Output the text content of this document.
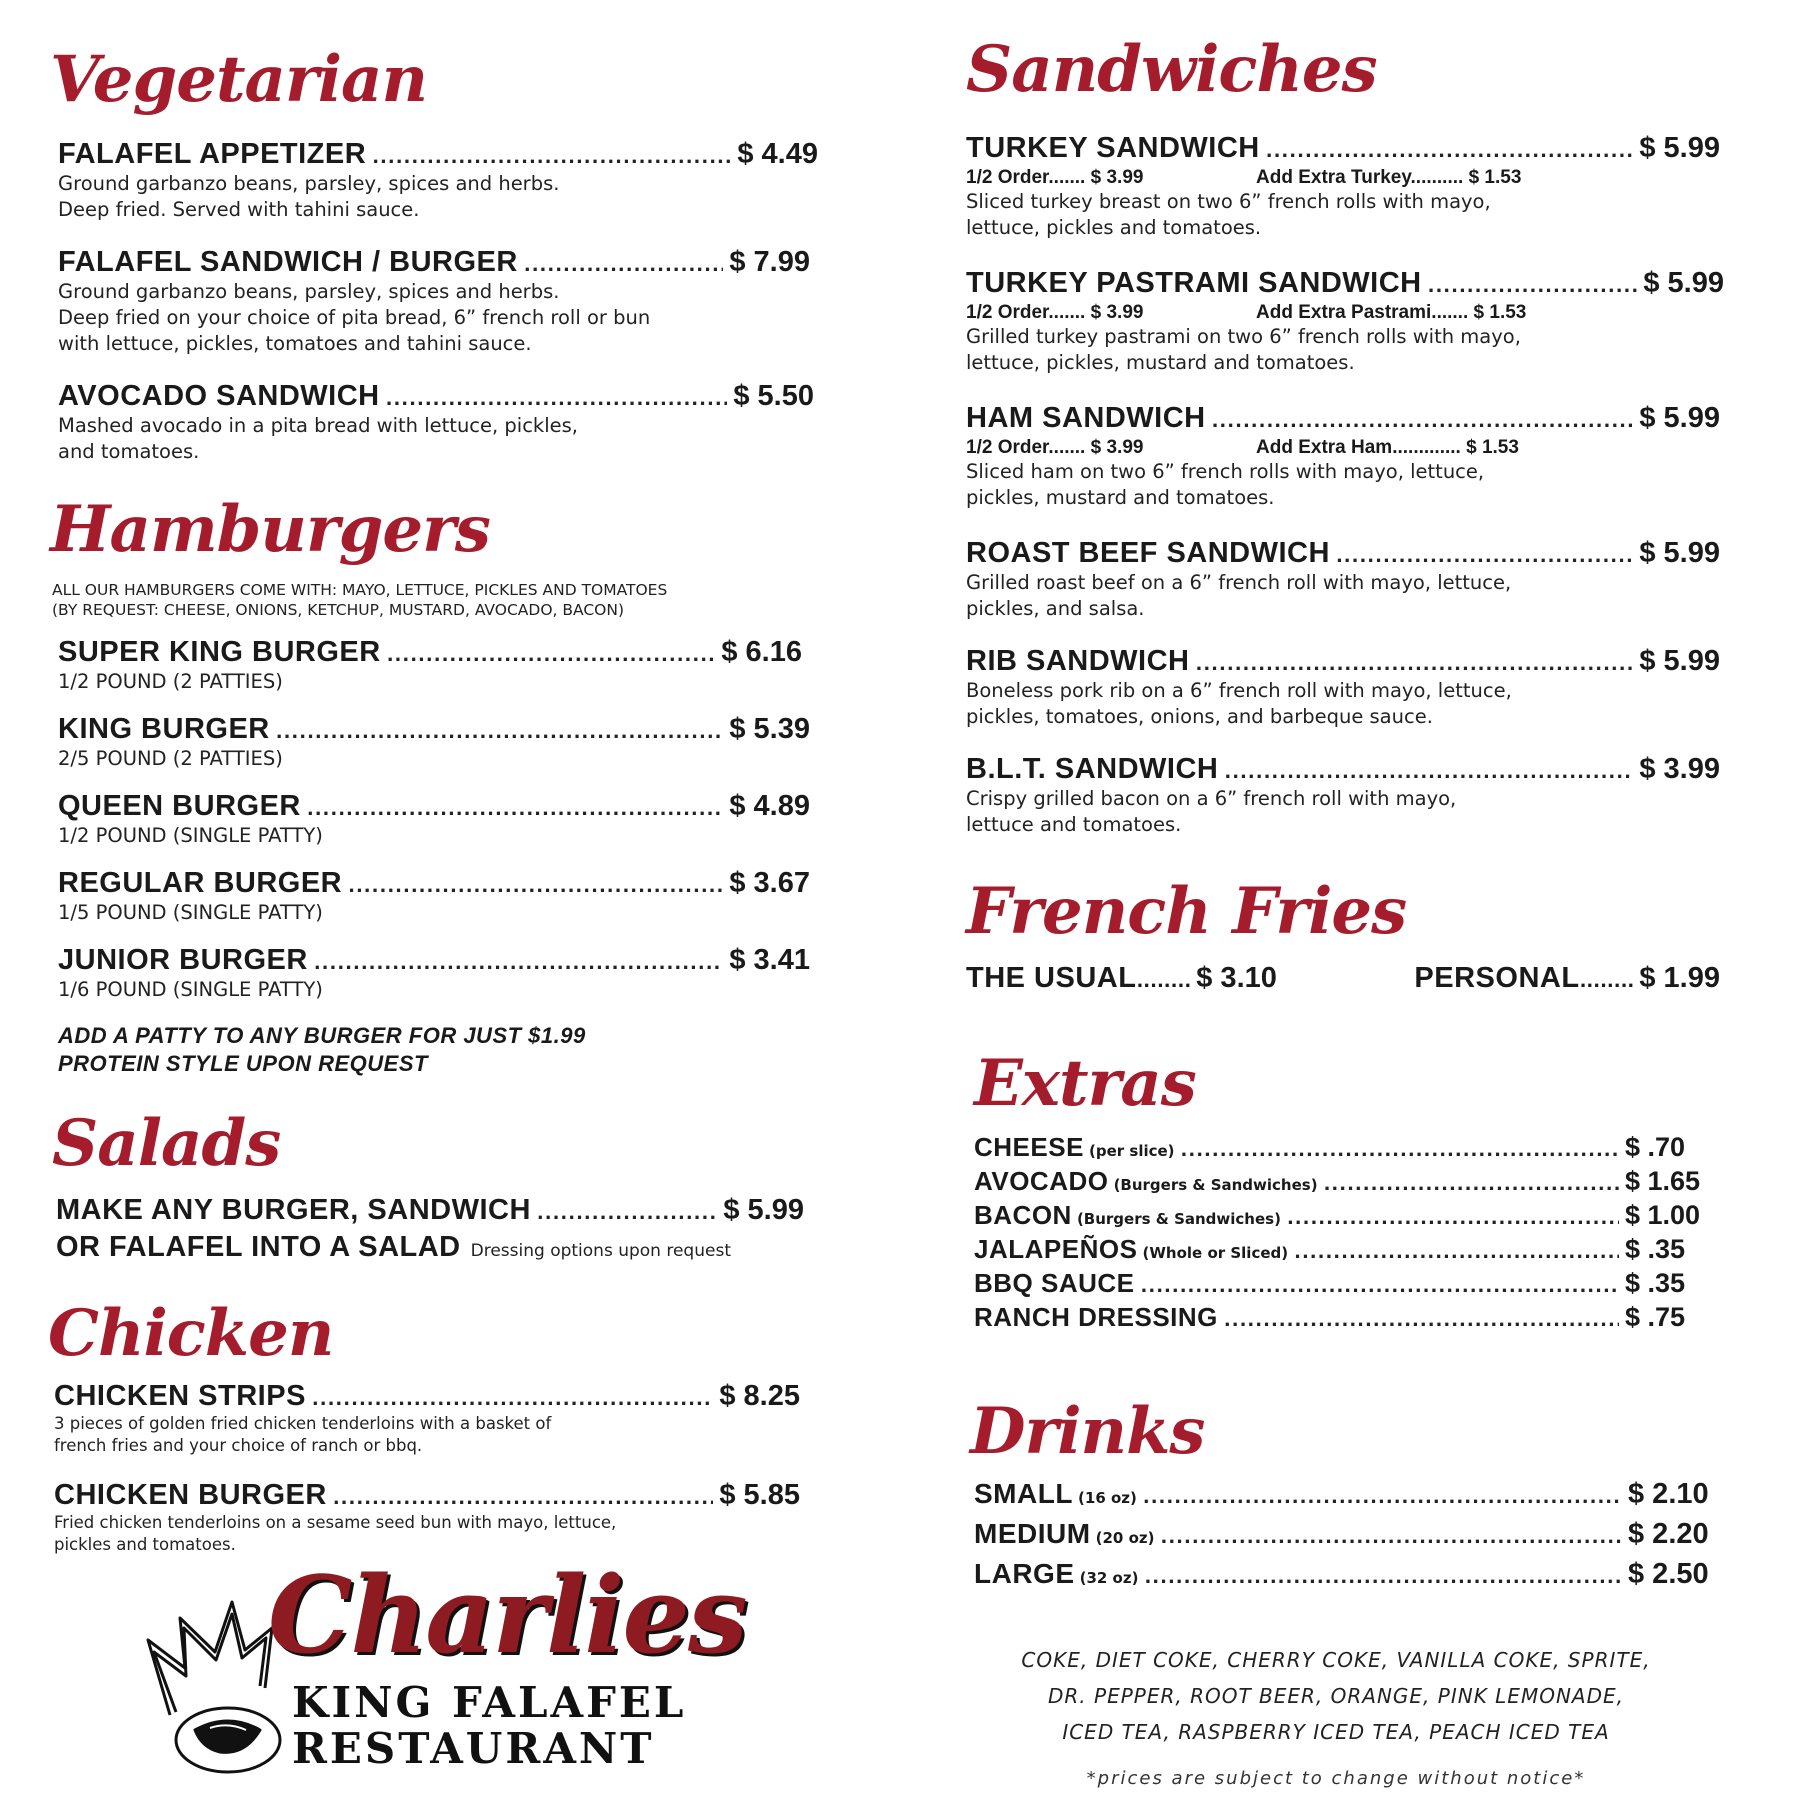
Vegetarian
FALAFEL APPETIZER .....	$ 4.49
Ground garbanzo beans, parsley, spices and herbs.
Deep fried. Served with tahini sauce.
FALAFEL SANDWICH / BURGER .....	$ 7.99
Ground garbanzo beans, parsley, spices and herbs.
Deep fried on your choice of pita bread, 6” french roll or bun
with lettuce, pickles, tomatoes and tahini sauce.
AVOCADO SANDWICH .....	$ 5.50
Mashed avocado in a pita bread with lettuce, pickles,
and tomatoes.
Hamburgers
ALL OUR HAMBURGERS COME WITH: MAYO, LETTUCE, PICKLES AND TOMATOES
(BY REQUEST: CHEESE, ONIONS, KETCHUP, MUSTARD, AVOCADO, BACON)
SUPER KING BURGER .....	$ 6.16
1/2 POUND (2 PATTIES)
KING BURGER .....	$ 5.39
2/5 POUND (2 PATTIES)
QUEEN BURGER .....	$ 4.89
1/2 POUND (SINGLE PATTY)
REGULAR BURGER .....	$ 3.67
1/5 POUND (SINGLE PATTY)
JUNIOR BURGER .....	$ 3.41
1/6 POUND (SINGLE PATTY)
ADD A PATTY TO ANY BURGER FOR JUST $1.99
PROTEIN STYLE UPON REQUEST
Salads
MAKE ANY BURGER, SANDWICH .....	$ 5.99
OR FALAFEL INTO A SALAD Dressing options upon request
Chicken
CHICKEN STRIPS .....	$ 8.25
3 pieces of golden fried chicken tenderloins with a basket of
french fries and your choice of ranch or bbq.
CHICKEN BURGER .....	$ 5.85
Fried chicken tenderloins on a sesame seed bun with mayo, lettuce,
pickles and tomatoes.
Charlies
KING FALAFEL
RESTAURANT
Sandwiches
TURKEY SANDWICH .....	$ 5.99
1/2 Order....... $ 3.99	Add Extra Turkey.......... $ 1.53
Sliced turkey breast on two 6” french rolls with mayo,
lettuce, pickles and tomatoes.
TURKEY PASTRAMI SANDWICH .....	$ 5.99
1/2 Order....... $ 3.99	Add Extra Pastrami....... $ 1.53
Grilled turkey pastrami on two 6” french rolls with mayo,
lettuce, pickles, mustard and tomatoes.
HAM SANDWICH .....	$ 5.99
1/2 Order....... $ 3.99	Add Extra Ham............. $ 1.53
Sliced ham on two 6” french rolls with mayo, lettuce,
pickles, mustard and tomatoes.
ROAST BEEF SANDWICH .....	$ 5.99
Grilled roast beef on a 6” french roll with mayo, lettuce,
pickles, and salsa.
RIB SANDWICH .....	$ 5.99
Boneless pork rib on a 6” french roll with mayo, lettuce,
pickles, tomatoes, onions, and barbeque sauce.
B.L.T. SANDWICH .....	$ 3.99
Crispy grilled bacon on a 6” french roll with mayo,
lettuce and tomatoes.
French Fries
THE USUAL........ $ 3.10	PERSONAL........ $ 1.99
Extras
CHEESE
(per slice) .....	$ .70
AVOCADO
(Burgers & Sandwiches) .....	$ 1.65
BACON
(Burgers & Sandwiches) .....	$ 1.00
JALAPEÑOS
(Whole or Sliced) .....	$ .35
BBQ SAUCE .....	$ .35
RANCH DRESSING .....	$ .75
Drinks
SMALL
(16 oz) .....	$ 2.10
MEDIUM
(20 oz) .....	$ 2.20
LARGE
(32 oz) .....	$ 2.50
COKE, DIET COKE, CHERRY COKE, VANILLA COKE, SPRITE,
DR. PEPPER, ROOT BEER, ORANGE, PINK LEMONADE,
ICED TEA, RASPBERRY ICED TEA, PEACH ICED TEA
*prices are subject to change without notice*
